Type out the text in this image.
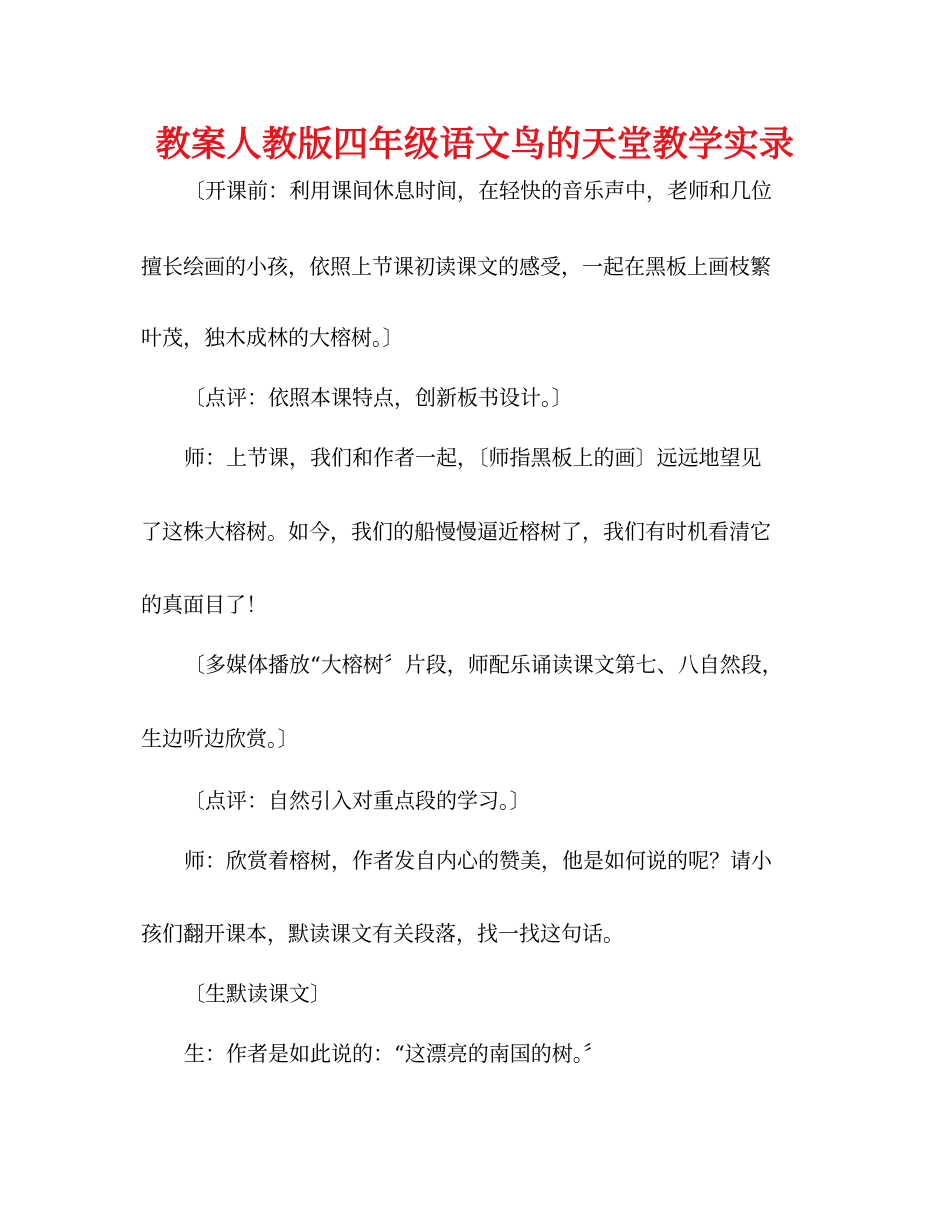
教案人教版四年级语文鸟的天堂教学实录
〔开课前：利用课间休息时间，在轻快的音乐声中，老师和几位
擅长绘画的小孩，依照上节课初读课文的感受，一起在黑板上画枝繁
叶茂，独木成林的大榕树。〕
〔点评：依照本课特点，创新板书设计。〕
师：上节课，我们和作者一起，〔师指黑板上的画〕远远地望见
了这株大榕树。如今，我们的船慢慢逼近榕树了，我们有时机看清它
的真面目了！
〔多媒体播放“大榕树〞片段，师配乐诵读课文第七、八自然段，
生边听边欣赏。〕
〔点评：自然引入对重点段的学习。〕
师：欣赏着榕树，作者发自内心的赞美，他是如何说的呢？请小
孩们翻开课本，默读课文有关段落，找一找这句话。
〔生默读课文〕
生：作者是如此说的：“这漂亮的南国的树。〞
